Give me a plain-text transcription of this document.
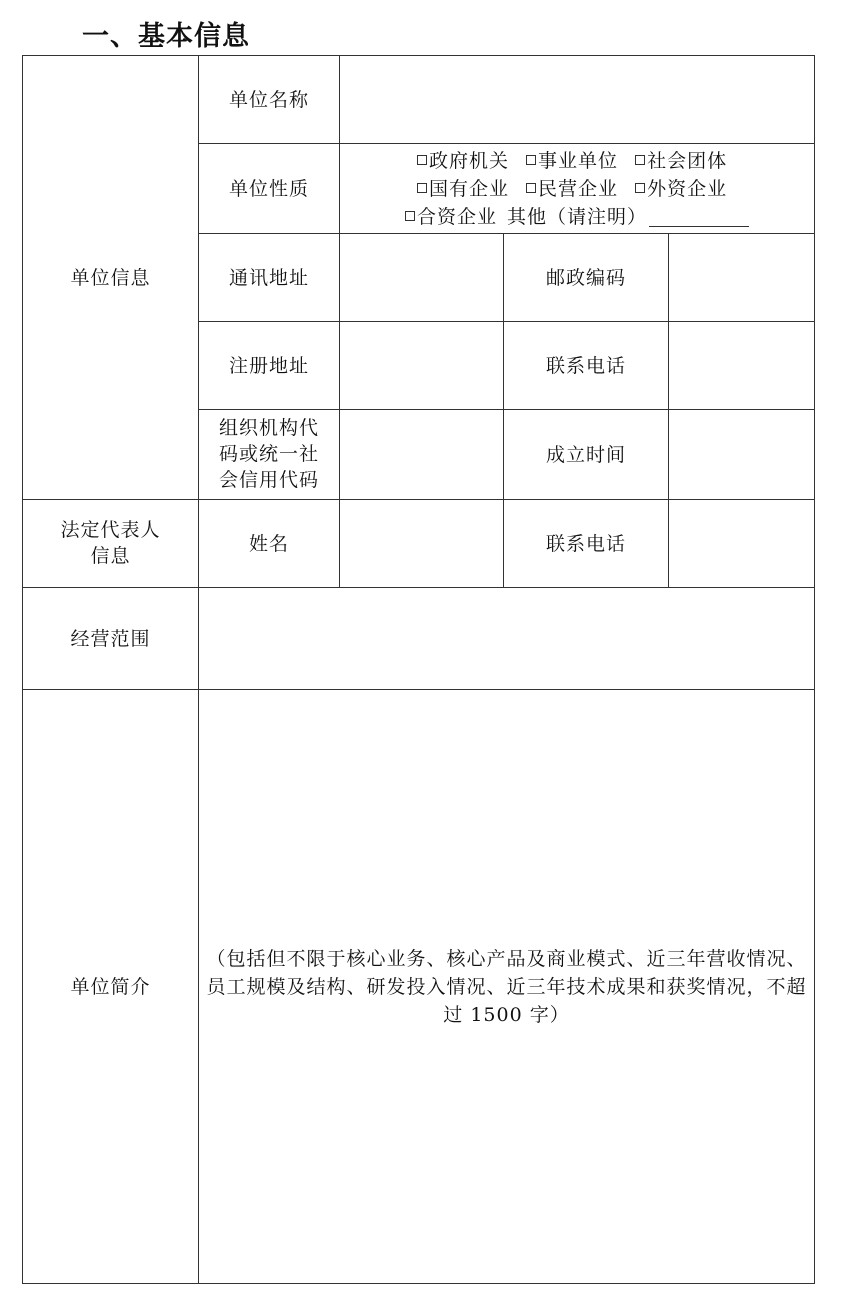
一、基本信息
单位信息	单位名称			
	单位性质	政府机关 事业单位 社会团体
国有企业 民营企业 外资企业
合资企业 其他（请注明）		
	通讯地址		邮政编码	
	注册地址		联系电话	
	组织机构代
码或统一社
会信用代码		成立时间	
法定代表人
信息	姓名		联系电话	
经营范围				
单位简介	（包括但不限于核心业务、核心产品及商业模式、近三年营收情况、员工规模及结构、研发投入情况、近三年技术成果和获奖情况，不超过 1500 字）			
